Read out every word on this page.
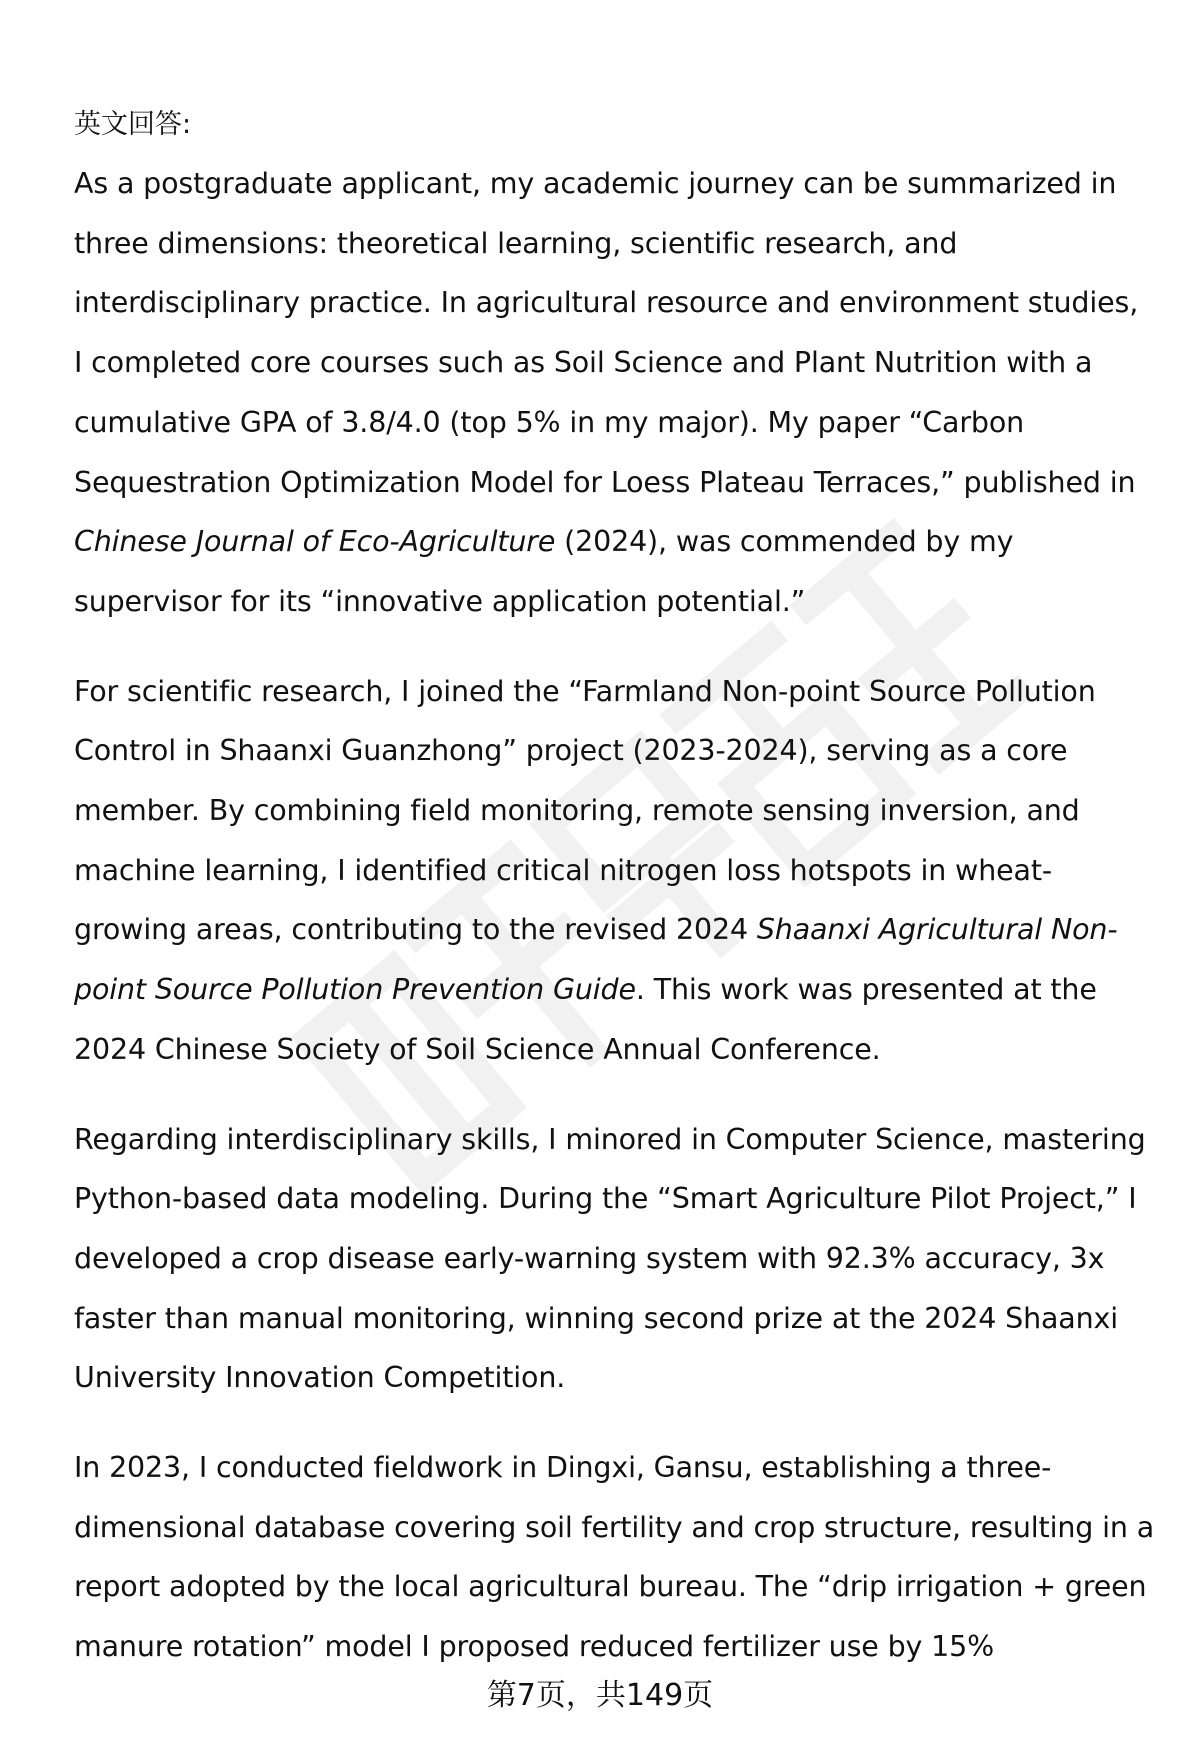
英文回答:

As a postgraduate applicant, my academic journey can be summarized in three dimensions: theoretical learning, scientific research, and interdisciplinary practice. In agricultural resource and environment studies, I completed core courses such as Soil Science and Plant Nutrition with a cumulative GPA of 3.8/4.0 (top 5% in my major). My paper “Carbon Sequestration Optimization Model for Loess Plateau Terraces,” published in Chinese Journal of Eco-Agriculture (2024), was commended by my supervisor for its “innovative application potential.”

For scientific research, I joined the “Farmland Non-point Source Pollution Control in Shaanxi Guanzhong” project (2023-2024), serving as a core member. By combining field monitoring, remote sensing inversion, and machine learning, I identified critical nitrogen loss hotspots in wheat-growing areas, contributing to the revised 2024 Shaanxi Agricultural Non-point Source Pollution Prevention Guide. This work was presented at the 2024 Chinese Society of Soil Science Annual Conference.

Regarding interdisciplinary skills, I minored in Computer Science, mastering Python-based data modeling. During the “Smart Agriculture Pilot Project,” I developed a crop disease early-warning system with 92.3% accuracy, 3x faster than manual monitoring, winning second prize at the 2024 Shaanxi University Innovation Competition.

In 2023, I conducted fieldwork in Dingxi, Gansu, establishing a three-dimensional database covering soil fertility and crop structure, resulting in a report adopted by the local agricultural bureau. The “drip irrigation + green manure rotation” model I proposed reduced fertilizer use by 15%

第7页，共149页
